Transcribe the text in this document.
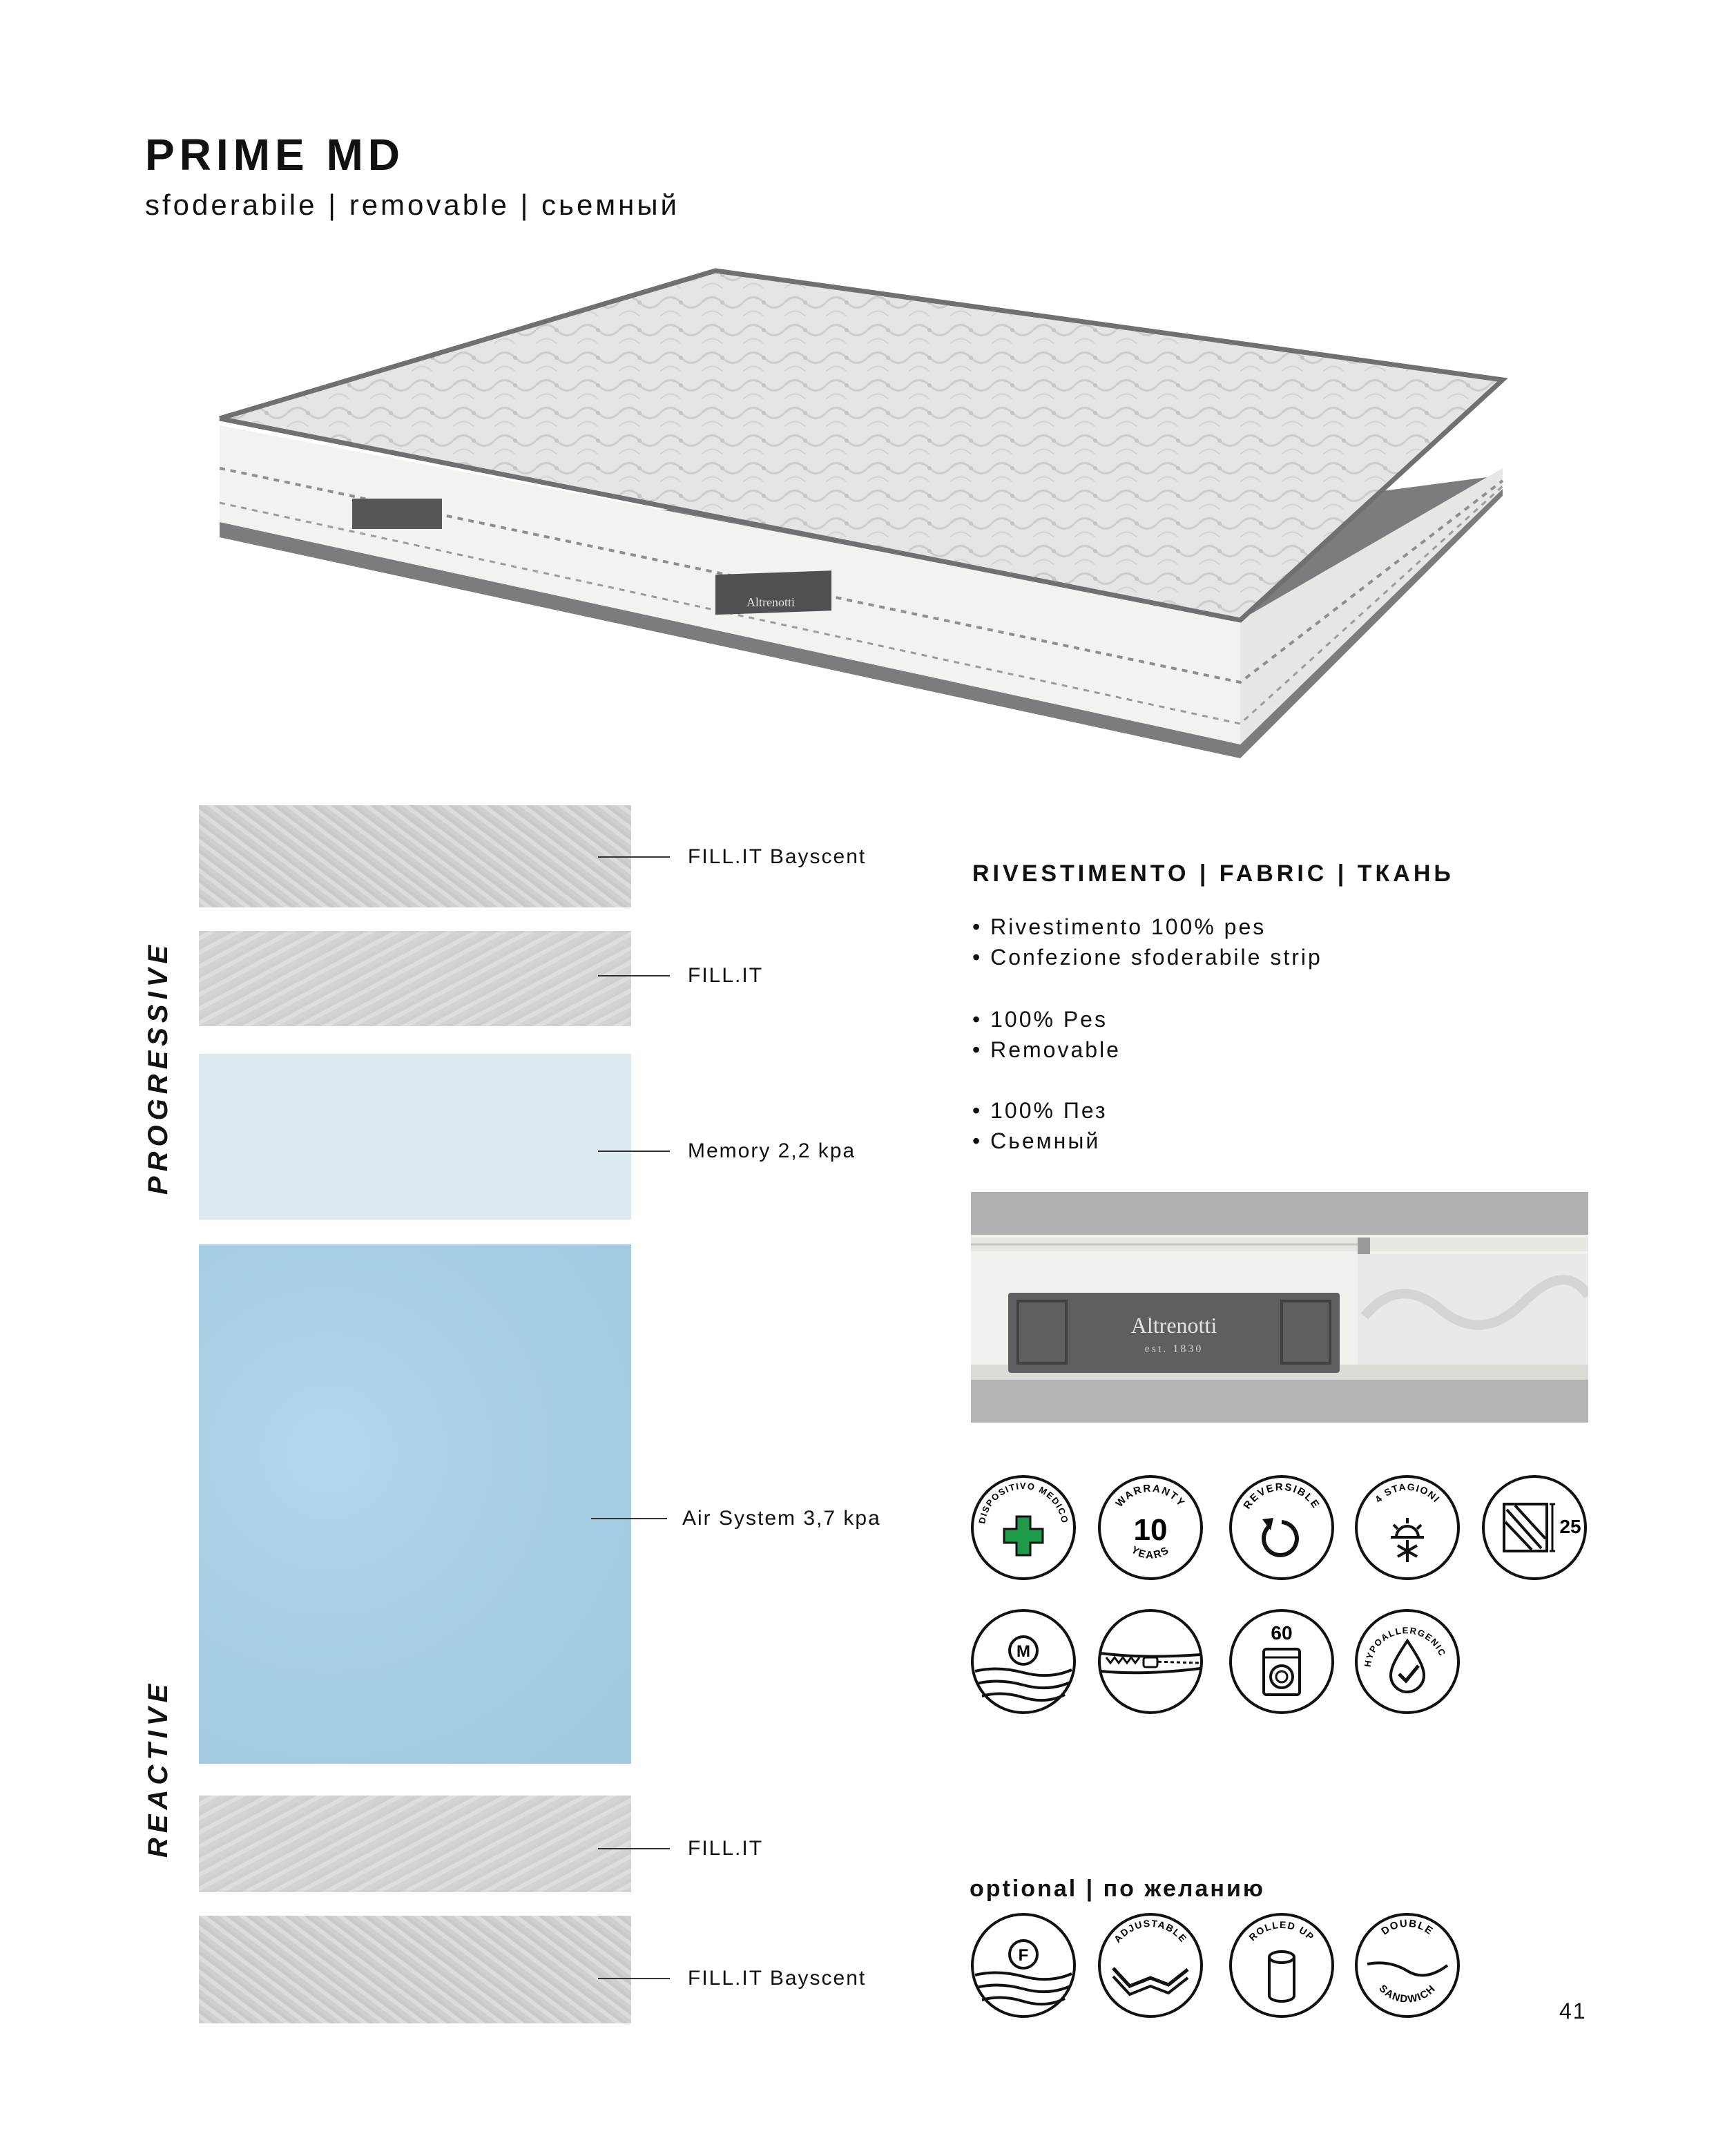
PRIME MD
sfoderabile | removable | сьемный
Altrenotti
PROGRESSIVE
REACTIVE
FILL.IT Bayscent
FILL.IT
Memory 2,2 kpa
Air System 3,7 kpa
FILL.IT
FILL.IT Bayscent
RIVESTIMENTO | FABRIC | ТКАНЬ
• Rivestimento 100% pes
• Confezione sfoderabile strip
• 100% Pes
• Removable
• 100% Пез
• Сьемный
Altrenotti
est. 1830
DISPOSITIVO MEDICO
WARRANTY
10
YEARS
REVERSIBLE	4 STAGIONI
25
M
60
HYPOALLERGENIC
optional | по желанию
F
ADJUSTABLE	ROLLED UP	DOUBLE
SANDWICH
41
